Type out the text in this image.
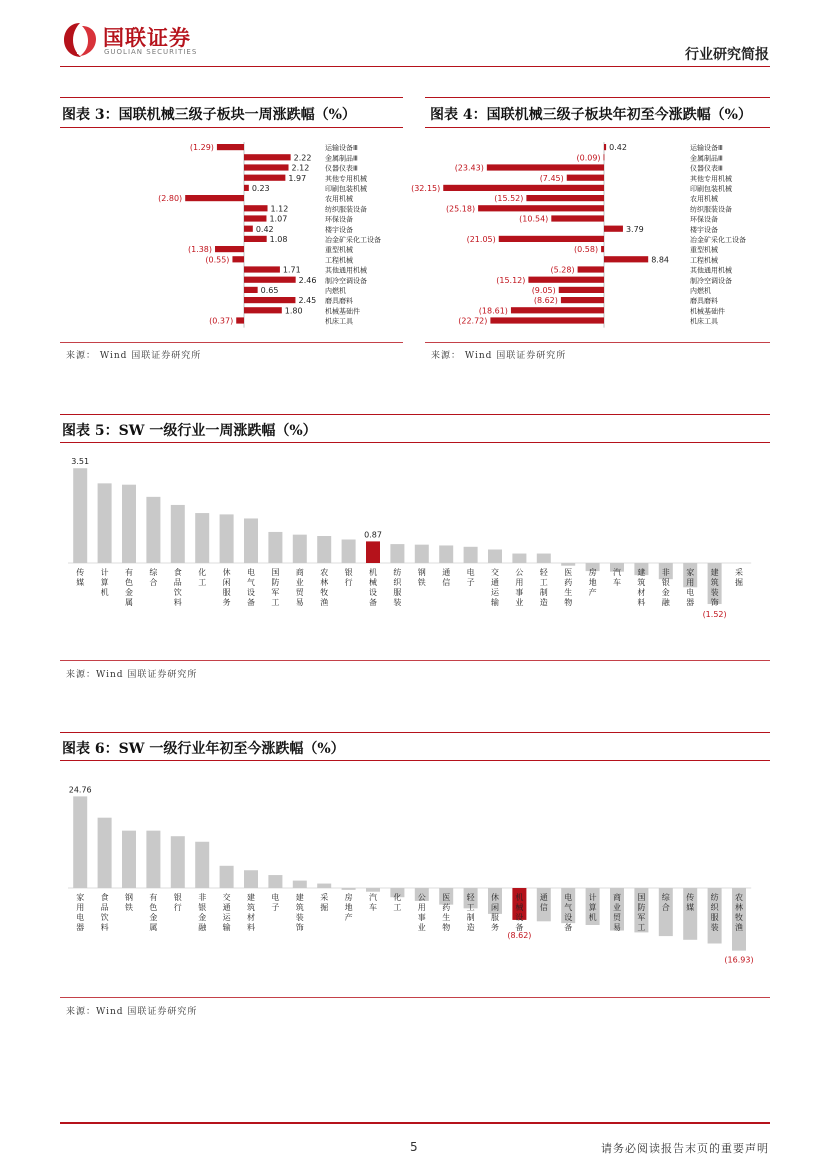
国联证券
GUOLIAN SECURITIES	行业研究简报
图表 3：国联机械三级子板块一周涨跌幅（%）
(1.29)	运输设备Ⅲ
2.22 金属制品Ⅲ
2.12 仪器仪表Ⅲ
1.97	其他专用机械
0.23	印刷包装机械
(2.80)	农用机械
1.12	纺织服装设备
1.07	环保设备
0.42	楼宇设备
1.08	冶金矿采化工设备
(1.38)	重型机械
(0.55)	工程机械
1.71	其他通用机械
2.46 制冷空调设备
0.65	内燃机
2.45 磨具磨料
1.80	机械基础件
(0.37)	机床工具
来源： Wind 国联证券研究所
图表 4：国联机械三级子板块年初至今涨跌幅（%）
0.42	运输设备Ⅲ
(0.09)	金属制品Ⅲ
(23.43)	仪器仪表Ⅲ
(7.45)	其他专用机械
(32.15)	印刷包装机械
(15.52)	农用机械
(25.18)	纺织服装设备
(10.54)	环保设备
3.79	楼宇设备
(21.05)	冶金矿采化工设备
(0.58)	重型机械
8.84	工程机械
(5.28)	其他通用机械
(15.12)	制冷空调设备
(9.05)	内燃机
(8.62)	磨具磨料
(18.61)	机械基础件
(22.72)	机床工具
来源： Wind 国联证券研究所
图表 5：SW 一级行业一周涨跌幅（%）
传媒
计算机
有色金属
综合
食品饮料
化工
休闲服务
电气设备
国防军工
商业贸易
农林牧渔
银行
机械设备
纺织服装
钢铁
通信
电子
交通运输
公用事业
轻工制造
医药生物
房地产
汽车
建筑材料
非银金融
家用电器
建筑装饰
采掘
3.51
0.87
(1.52)
来源：Wind 国联证券研究所
图表 6：SW 一级行业年初至今涨跌幅（%）
家用电器
食品饮料
钢铁
有色金属
银行
非银金融
交通运输
建筑材料
电子
建筑装饰
采掘
房地产
汽车
化工
公用事业
医药生物
轻工制造
休闲服务
机械设备
通信
电气设备
计算机
商业贸易
国防军工
综合
传媒
纺织服装
农林牧渔
24.76
(8.62)
(16.93)
来源：Wind 国联证券研究所
5	请务必阅读报告末页的重要声明
